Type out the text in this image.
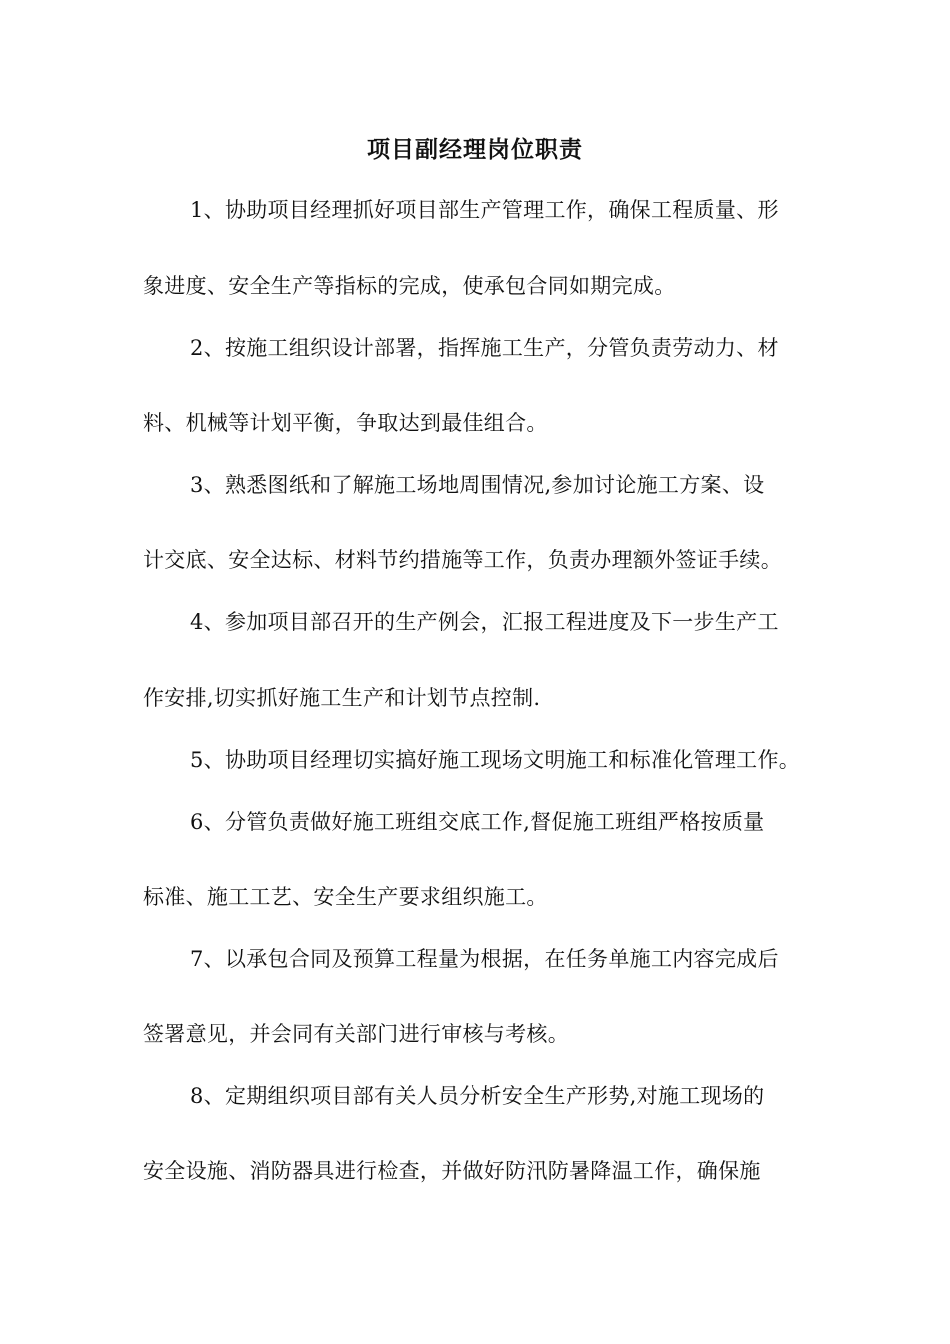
项目副经理岗位职责
1、协助项目经理抓好项目部生产管理工作，确保工程质量、形
象进度、安全生产等指标的完成，使承包合同如期完成。
2、按施工组织设计部署，指挥施工生产，分管负责劳动力、材
料、机械等计划平衡，争取达到最佳组合。
3、熟悉图纸和了解施工场地周围情况,参加讨论施工方案、设
计交底、安全达标、材料节约措施等工作，负责办理额外签证手续。
4、参加项目部召开的生产例会，汇报工程进度及下一步生产工
作安排,切实抓好施工生产和计划节点控制.
5、协助项目经理切实搞好施工现场文明施工和标准化管理工作。
6、分管负责做好施工班组交底工作,督促施工班组严格按质量
标准、施工工艺、安全生产要求组织施工。
7、以承包合同及预算工程量为根据，在任务单施工内容完成后
签署意见，并会同有关部门进行审核与考核。
8、定期组织项目部有关人员分析安全生产形势,对施工现场的
安全设施、消防器具进行检查，并做好防汛防暑降温工作，确保施
